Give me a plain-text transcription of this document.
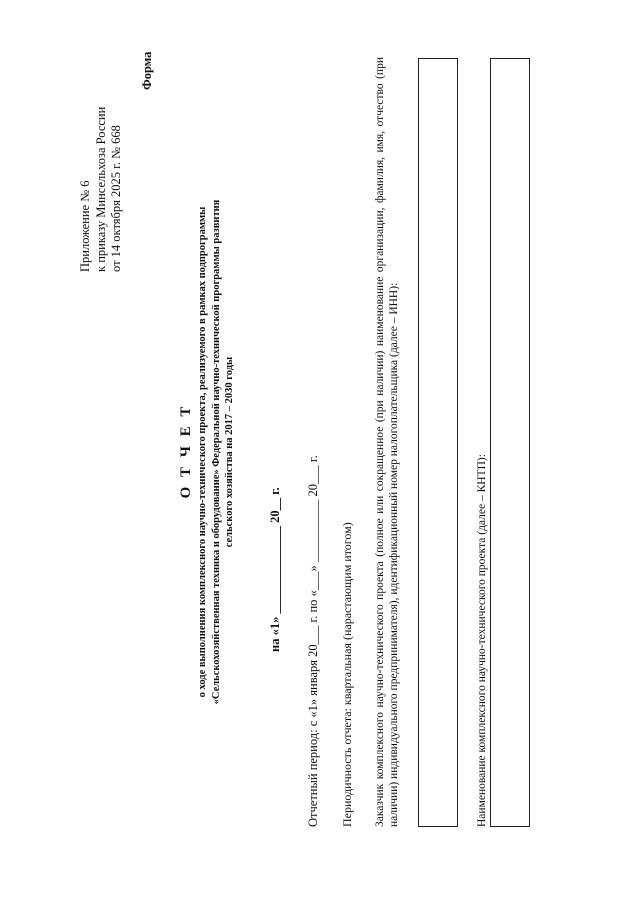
Приложение № 6 к приказу Минсельхоза России от 14 октября 2025 г. № 668
Форма
О Т Ч Е Т о ходе выполнения комплексного научно-технического проекта, реализуемого в рамках подпрограммы «Сельскохозяйственная техника и оборудование» Федеральной научно-технической программы развития сельского хозяйства на 2017 – 2030 годы
на «1» ______________ 20__ г. Отчетный период: с «1» января 20___ г. по «___» __________ 20___ г. Периодичность отчета: квартальная (нарастающим итогом) Заказчик комплексного научно-технического проекта (полное или сокращенное (при наличии) наименование организации, фамилия, имя, отчество (при наличии) индивидуального предпринимателя), идентификационный номер налогоплательщика (далее – ИНН):	Наименование комплексного научно-технического проекта (далее – КНТП):
